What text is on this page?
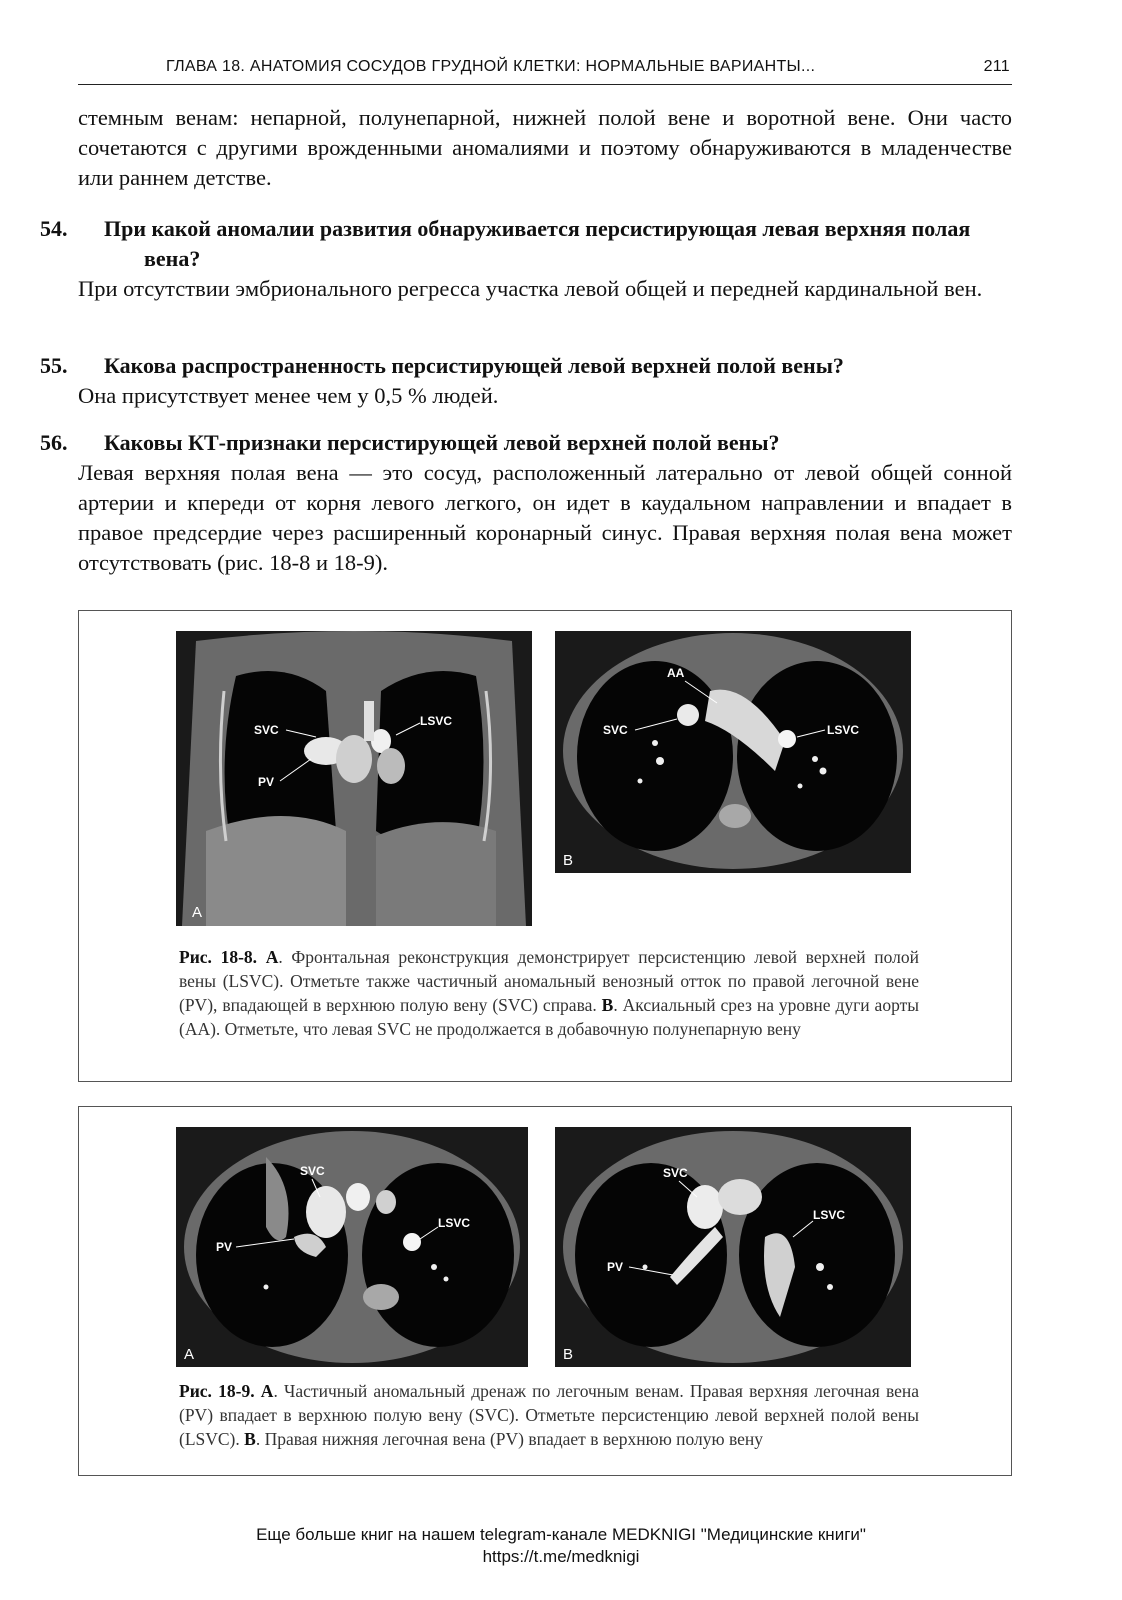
ГЛАВА 18. АНАТОМИЯ СОСУДОВ ГРУДНОЙ КЛЕТКИ: НОРМАЛЬНЫЕ ВАРИАНТЫ...	211
стемным венам: непарной, полунепарной, нижней полой вене и воротной вене. Они часто сочетаются с другими врожденными аномалиями и поэтому обнаруживаются в младенчестве или раннем детстве.
54. При какой аномалии развития обнаруживается персистирующая левая верхняя полая вена?
При отсутствии эмбрионального регресса участка левой общей и передней кардинальной вен.
55. Какова распространенность персистирующей левой верхней полой вены?
Она присутствует менее чем у 0,5 % людей.
56. Каковы КТ-признаки персистирующей левой верхней полой вены?
Левая верхняя полая вена — это сосуд, расположенный латерально от левой общей сонной артерии и кпереди от корня левого легкого, он идет в каудальном направлении и впадает в правое предсердие через расширенный коронарный синус. Правая верхняя полая вена может отсутствовать (рис. 18-8 и 18-9).
SVC
LSVC
PV
A
AA
SVC	LSVC
B
Рис. 18-8. А. Фронтальная реконструкция демонстрирует персистенцию левой верхней полой вены (LSVC). Отметьте также частичный аномальный венозный отток по правой легочной вене (PV), впадающей в верхнюю полую вену (SVC) справа. В. Аксиальный срез на уровне дуги аорты (АА). Отметьте, что левая SVC не продолжается в добавочную полунепарную вену
SVC
PV
LSVC
A
SVC
LSVC
PV
B
Рис. 18-9. А. Частичный аномальный дренаж по легочным венам. Правая верхняя легочная вена (PV) впадает в верхнюю полую вену (SVC). Отметьте персистенцию левой верхней полой вены (LSVC). В. Правая нижняя легочная вена (PV) впадает в верхнюю полую вену
Еще больше книг на нашем telegram-канале MEDKNIGI "Медицинские книги"
https://t.me/medknigi
